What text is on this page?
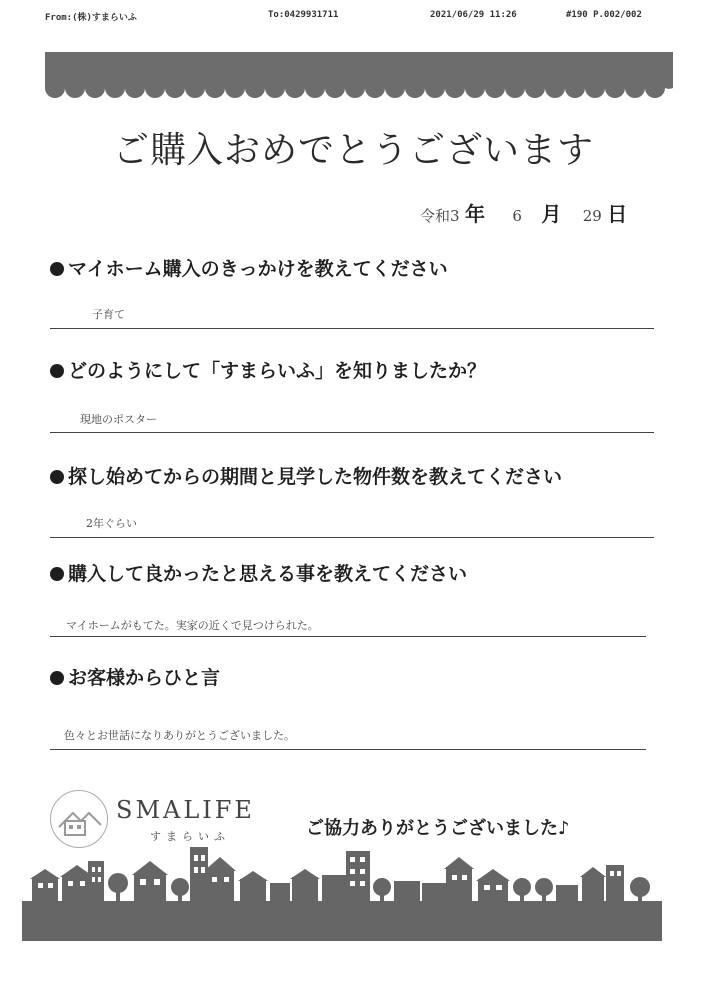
From:(株)すまらいふ	To:0429931711	2021/06/29 11:26	#190 P.002/002
ご購入おめでとうございます
令和3 年 6 月 29 日
マイホーム購入のきっかけを教えてください
子育て
どのようにして「すまらいふ」を知りましたか？
現地のポスター
探し始めてからの期間と見学した物件数を教えてください
2年ぐらい
購入して良かったと思える事を教えてください
マイホームがもてた。実家の近くで見つけられた。
お客様からひと言
色々とお世話になりありがとうございました。
SMALIFE
すまらいふ	ご協力ありがとうございました♪
